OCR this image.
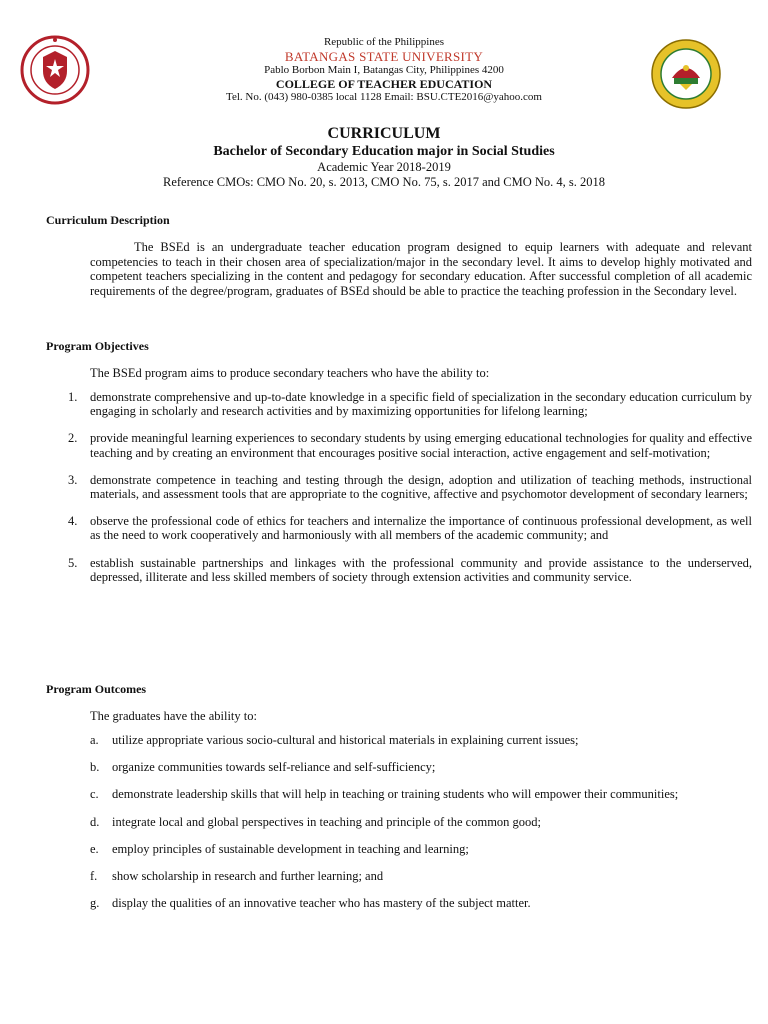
Republic of the Philippines
BATANGAS STATE UNIVERSITY
Pablo Borbon Main I, Batangas City, Philippines 4200
COLLEGE OF TEACHER EDUCATION
Tel. No. (043) 980-0385 local 1128 Email: BSU.CTE2016@yahoo.com
CURRICULUM
Bachelor of Secondary Education major in Social Studies
Academic Year 2018-2019
Reference CMOs: CMO No. 20, s. 2013, CMO No. 75, s. 2017 and CMO No. 4, s. 2018
Curriculum Description
The BSEd is an undergraduate teacher education program designed to equip learners with adequate and relevant competencies to teach in their chosen area of specialization/major in the secondary level. It aims to develop highly motivated and competent teachers specializing in the content and pedagogy for secondary education. After successful completion of all academic requirements of the degree/program, graduates of BSEd should be able to practice the teaching profession in the Secondary level.
Program Objectives
The BSEd program aims to produce secondary teachers who have the ability to:
1. demonstrate comprehensive and up-to-date knowledge in a specific field of specialization in the secondary education curriculum by engaging in scholarly and research activities and by maximizing opportunities for lifelong learning;
2. provide meaningful learning experiences to secondary students by using emerging educational technologies for quality and effective teaching and by creating an environment that encourages positive social interaction, active engagement and self-motivation;
3. demonstrate competence in teaching and testing through the design, adoption and utilization of teaching methods, instructional materials, and assessment tools that are appropriate to the cognitive, affective and psychomotor development of secondary learners;
4. observe the professional code of ethics for teachers and internalize the importance of continuous professional development, as well as the need to work cooperatively and harmoniously with all members of the academic community; and
5. establish sustainable partnerships and linkages with the professional community and provide assistance to the underserved, depressed, illiterate and less skilled members of society through extension activities and community service.
Program Outcomes
The graduates have the ability to:
a. utilize appropriate various socio-cultural and historical materials in explaining current issues;
b. organize communities towards self-reliance and self-sufficiency;
c. demonstrate leadership skills that will help in teaching or training students who will empower their communities;
d. integrate local and global perspectives in teaching and principle of the common good;
e. employ principles of sustainable development in teaching and learning;
f. show scholarship in research and further learning; and
g. display the qualities of an innovative teacher who has mastery of the subject matter.
